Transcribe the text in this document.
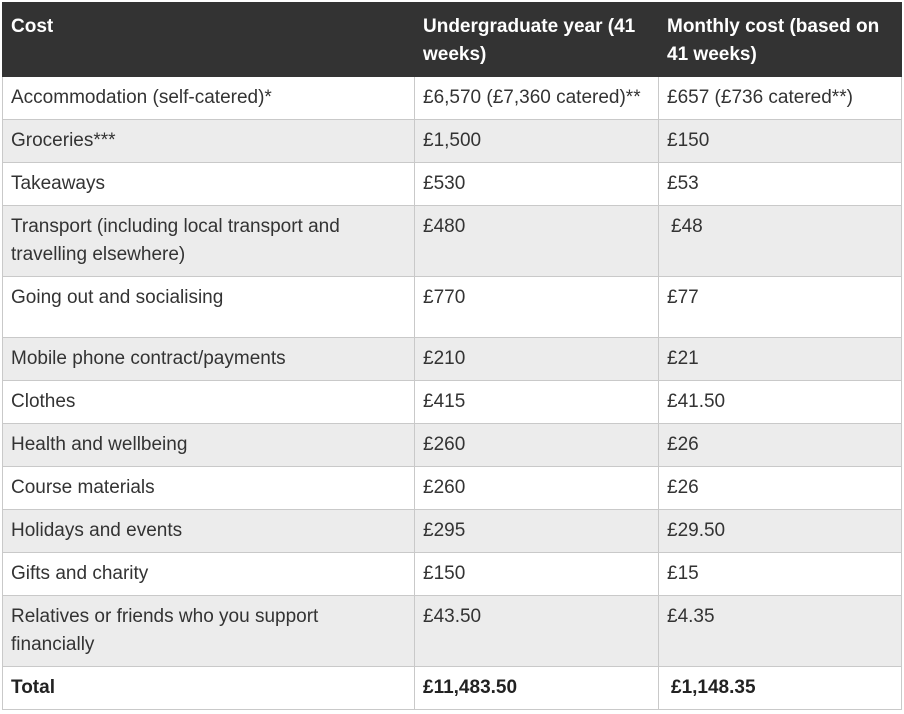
Cost	Undergraduate year (41 weeks)	Monthly cost (based on 41 weeks)
Accommodation (self-catered)*	£6,570 (£7,360 catered)**	£657 (£736 catered**)
Groceries***	£1,500	£150
Takeaways	£530	£53
Transport (including local transport and travelling elsewhere)	£480	£48
Going out and socialising	£770	£77
Mobile phone contract/payments	£210	£21
Clothes	£415	£41.50
Health and wellbeing	£260	£26
Course materials	£260	£26
Holidays and events	£295	£29.50
Gifts and charity	£150	£15
Relatives or friends who you support financially	£43.50	£4.35
Total	£11,483.50	£1,148.35
